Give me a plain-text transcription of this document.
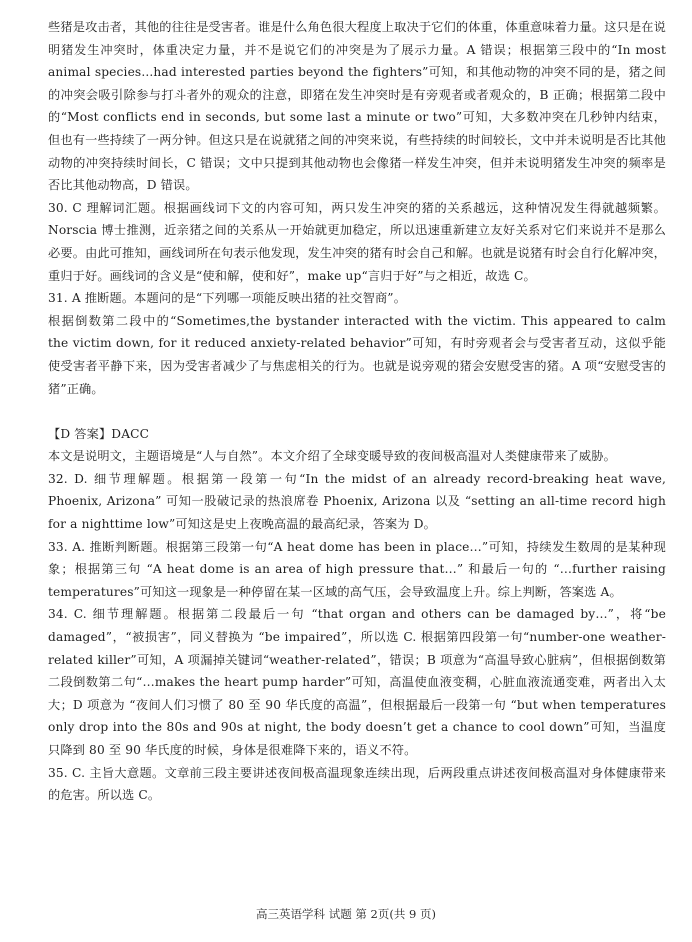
些猪是攻击者，其他的往往是受害者。谁是什么角色很大程度上取决于它们的体重，体重意味着力量。这只是在说明猪发生冲突时，体重决定力量，并不是说它们的冲突是为了展示力量。A 错误；根据第三段中的“In most animal species...had interested parties beyond the fighters”可知，和其他动物的冲突不同的是，猪之间的冲突会吸引除参与打斗者外的观众的注意，即猪在发生冲突时是有旁观者或者观众的，B 正确；根据第二段中的“Most conflicts end in seconds, but some last a minute or two”可知，大多数冲突在几秒钟内结束，但也有一些持续了一两分钟。但这只是在说就猪之间的冲突来说，有些持续的时间较长，文中并未说明是否比其他动物的冲突持续时间长，C 错误；文中只提到其他动物也会像猪一样发生冲突，但并未说明猪发生冲突的频率是否比其他动物高，D 错误。

30. C 理解词汇题。根据画线词下文的内容可知，两只发生冲突的猪的关系越远，这种情况发生得就越频繁。Norscia 博士推测，近亲猪之间的关系从一开始就更加稳定，所以迅速重新建立友好关系对它们来说并不是那么必要。由此可推知，画线词所在句表示他发现，发生冲突的猪有时会自己和解。也就是说猪有时会自行化解冲突，重归于好。画线词的含义是“使和解，使和好”，make up“言归于好”与之相近，故选 C。

31. A 推断题。本题问的是“下列哪一项能反映出猪的社交智商”。

根据倒数第二段中的“Sometimes,the bystander interacted with the victim. This appeared to calm the victim down, for it reduced anxiety-related behavior”可知，有时旁观者会与受害者互动，这似乎能使受害者平静下来，因为受害者减少了与焦虑相关的行为。也就是说旁观的猪会安慰受害的猪。A 项“安慰受害的猪”正确。

【D 答案】DACC

本文是说明文，主题语境是“人与自然”。本文介绍了全球变暖导致的夜间极高温对人类健康带来了威胁。

32. D. 细节理解题。根据第一段第一句“In the midst of an already record-breaking heat wave, Phoenix, Arizona” 可知一股破记录的热浪席卷 Phoenix, Arizona 以及 “setting an all-time record high for a nighttime low”可知这是史上夜晚高温的最高纪录，答案为 D。

33. A. 推断判断题。根据第三段第一句“A heat dome has been in place…”可知，持续发生数周的是某种现象；根据第三句 “A heat dome is an area of high pressure that…” 和最后一句的 “…further raising temperatures”可知这一现象是一种停留在某一区域的高气压，会导致温度上升。综上判断，答案选 A。

34. C. 细节理解题。根据第二段最后一句 “that organ and others can be damaged by…”，将“be damaged”，“被损害”，同义替换为 “be impaired”，所以选 C. 根据第四段第一句“number-one weather-related killer”可知，A 项漏掉关键词“weather-related”，错误；B 项意为“高温导致心脏病”，但根据倒数第二段倒数第二句“…makes the heart pump harder”可知，高温使血液变稠，心脏血液流通变难，两者出入太大；D 项意为 “夜间人们习惯了 80 至 90 华氏度的高温”，但根据最后一段第一句 “but when temperatures only drop into the 80s and 90s at night, the body doesn’t get a chance to cool down”可知，当温度只降到 80 至 90 华氏度的时候，身体是很难降下来的，语义不符。

35. C. 主旨大意题。文章前三段主要讲述夜间极高温现象连续出现，后两段重点讲述夜间极高温对身体健康带来的危害。所以选 C。

高三英语学科 试题 第 2页(共 9 页)
